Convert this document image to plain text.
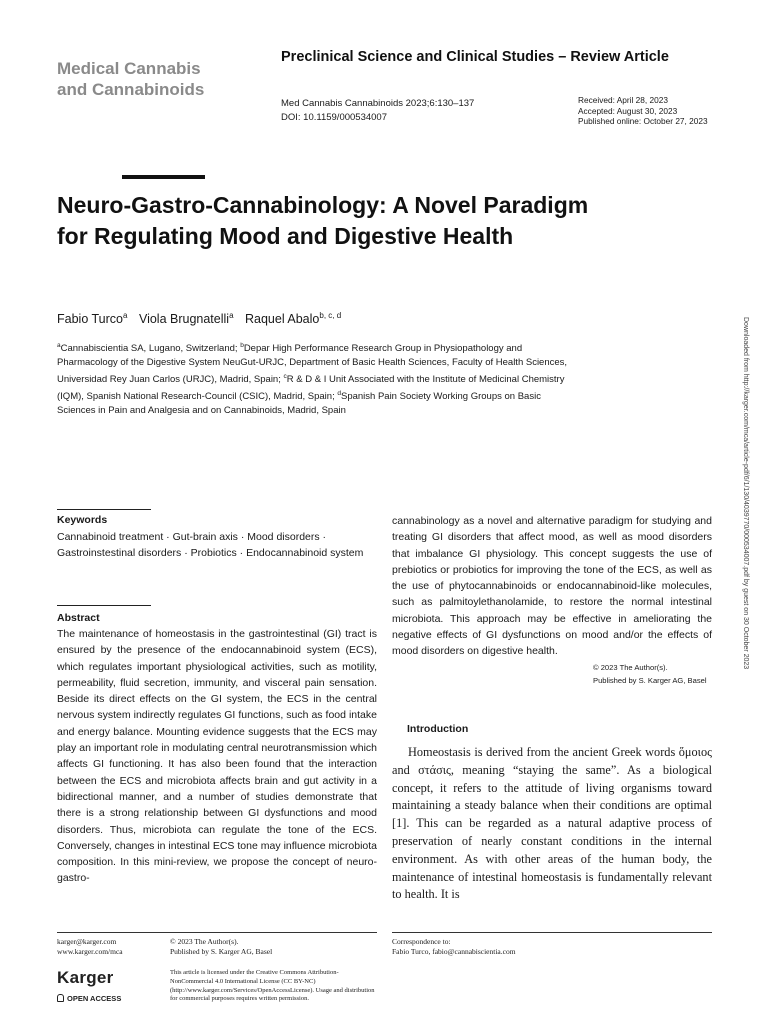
Medical Cannabis
and Cannabinoids
Preclinical Science and Clinical Studies – Review Article
Med Cannabis Cannabinoids 2023;6:130–137
DOI: 10.1159/000534007
Received: April 28, 2023
Accepted: August 30, 2023
Published online: October 27, 2023
Neuro-Gastro-Cannabinology: A Novel Paradigm for Regulating Mood and Digestive Health
Fabio Turco$^a$ Viola Brugnatelli$^a$ Raquel Abalo$^{b, c, d}$
$^a$Cannabiscientia SA, Lugano, Switzerland; $^b$Depar High Performance Research Group in Physiopathology and Pharmacology of the Digestive System NeuGut-URJC, Department of Basic Health Sciences, Faculty of Health Sciences, Universidad Rey Juan Carlos (URJC), Madrid, Spain; $^c$R & D & I Unit Associated with the Institute of Medicinal Chemistry (IQM), Spanish National Research-Council (CSIC), Madrid, Spain; $^d$Spanish Pain Society Working Groups on Basic Sciences in Pain and Analgesia and on Cannabinoids, Madrid, Spain	Downloaded from http://karger.com/mca/article-pdf/6/1/130/4039770/000534007.pdf by guest on 30 October 2023
Keywords
Cannabinoid treatment · Gut-brain axis · Mood disorders · Gastroinstestinal disorders · Probiotics · Endocannabinoid system
Abstract
The maintenance of homeostasis in the gastrointestinal (GI) tract is ensured by the presence of the endocannabinoid system (ECS), which regulates important physiological activities, such as motility, permeability, fluid secretion, immunity, and visceral pain sensation. Beside its direct effects on the GI system, the ECS in the central nervous system indirectly regulates GI functions, such as food intake and energy balance. Mounting evidence suggests that the ECS may play an important role in modulating central neurotransmission which affects GI functioning. It has also been found that the interaction between the ECS and microbiota affects brain and gut activity in a bidirectional manner, and a number of studies demonstrate that there is a strong relationship between GI dysfunctions and mood disorders. Thus, microbiota can regulate the tone of the ECS. Conversely, changes in intestinal ECS tone may influence microbiota composition. In this mini-review, we propose the concept of neuro-gastro-
cannabinology as a novel and alternative paradigm for studying and treating GI disorders that affect mood, as well as mood disorders that imbalance GI physiology. This concept suggests the use of prebiotics or probiotics for improving the tone of the ECS, as well as the use of phytocannabinoids or endocannabinoid-like molecules, such as palmitoylethanolamide, to restore the normal intestinal microbiota. This approach may be effective in ameliorating the negative effects of GI dysfunctions on mood and/or the effects of mood disorders on digestive health.
© 2023 The Author(s).
Published by S. Karger AG, Basel
Introduction
Homeostasis is derived from the ancient Greek words ὅμοιος and στάσις, meaning “staying the same”. As a biological concept, it refers to the attitude of living organisms toward maintaining a steady balance when their conditions are optimal [1]. This can be regarded as a natural adaptive process of preservation of nearly constant conditions in the internal environment. As with other areas of the human body, the maintenance of intestinal homeostasis is fundamentally relevant to health. It is
karger@karger.com
www.karger.com/mca
© 2023 The Author(s).
Published by S. Karger AG, Basel
This article is licensed under the Creative Commons Attribution-NonCommercial 4.0 International License (CC BY-NC) (http://www.karger.com/Services/OpenAccessLicense). Usage and distribution for commercial purposes requires written permission.
Correspondence to:
Fabio Turco, fabio@cannabiscientia.com
Karger
OPEN ACCESS
